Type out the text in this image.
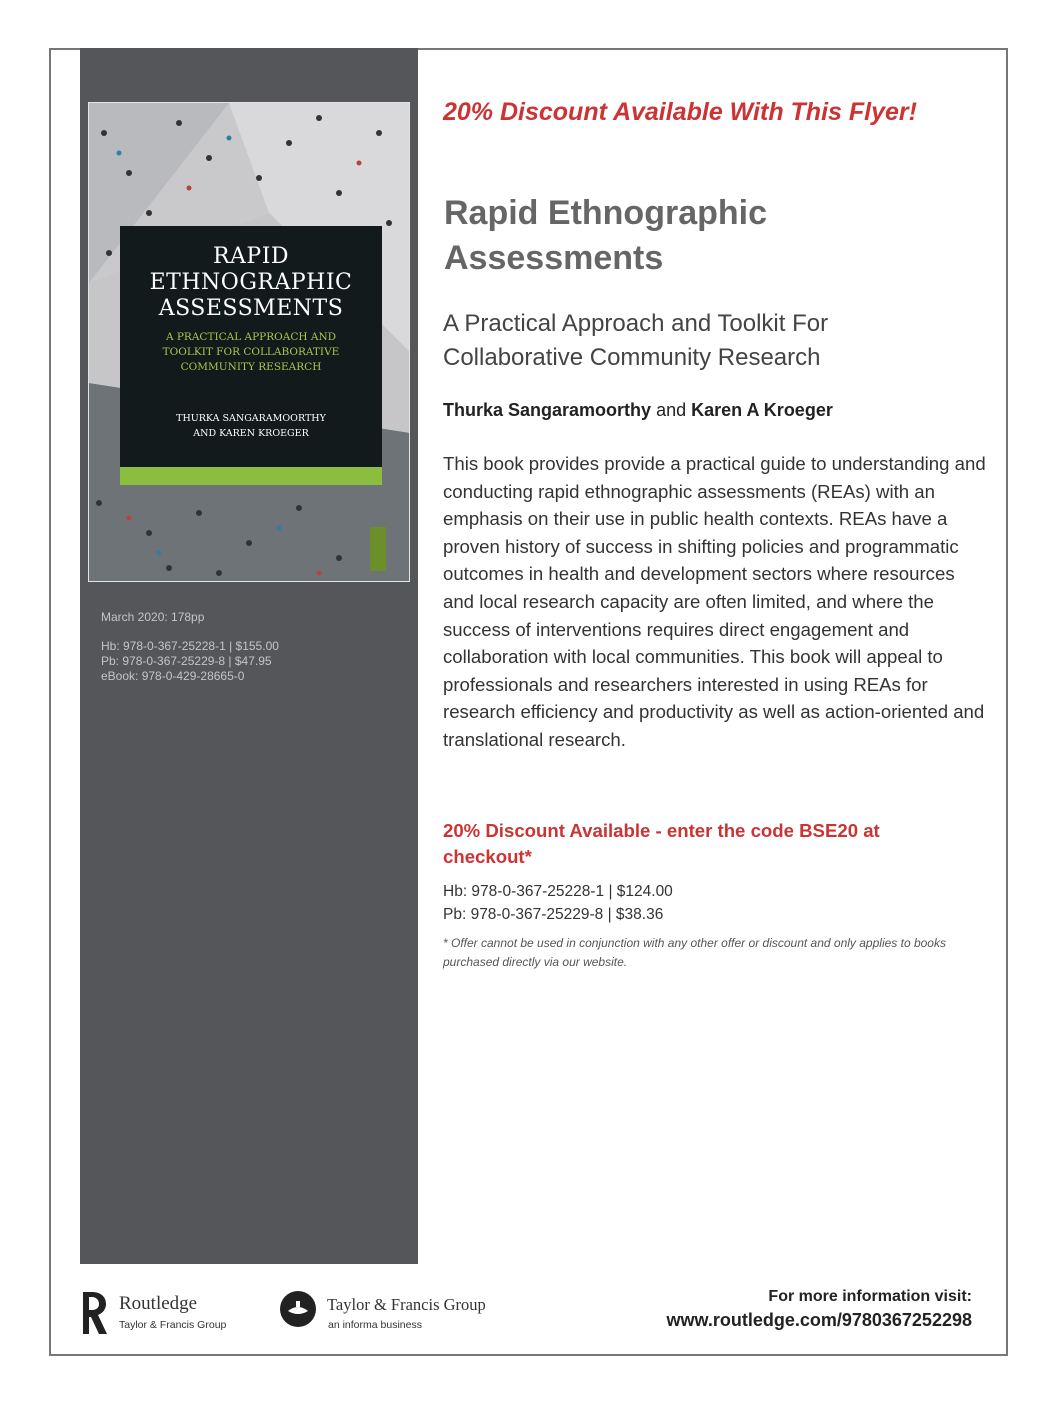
RAPID
ETHNOGRAPHIC
ASSESSMENTS
A PRACTICAL APPROACH AND
TOOLKIT FOR COLLABORATIVE
COMMUNITY RESEARCH
THURKA SANGARAMOORTHY
AND KAREN KROEGER
March 2020: 178pp
Hb: 978-0-367-25228-1 | $155.00
Pb: 978-0-367-25229-8 | $47.95
eBook: 978-0-429-28665-0
20% Discount Available With This Flyer!
Rapid Ethnographic
Assessments
A Practical Approach and Toolkit For
Collaborative Community Research
Thurka Sangaramoorthy and Karen A Kroeger
This book provides provide a practical guide to understanding and conducting rapid ethnographic assessments (REAs) with an emphasis on their use in public health contexts. REAs have a proven history of success in shifting policies and programmatic outcomes in health and development sectors where resources and local research capacity are often limited, and where the success of interventions requires direct engagement and collaboration with local communities. This book will appeal to professionals and researchers interested in using REAs for research efficiency and productivity as well as action-oriented and translational research.
20% Discount Available - enter the code BSE20 at checkout*
Hb: 978-0-367-25228-1 | $124.00
Pb: 978-0-367-25229-8 | $38.36
* Offer cannot be used in conjunction with any other offer or discount and only applies to books purchased directly via our website.
Routledge
Taylor & Francis Group
Taylor & Francis Group
an informa business
For more information visit:
www.routledge.com/9780367252298
